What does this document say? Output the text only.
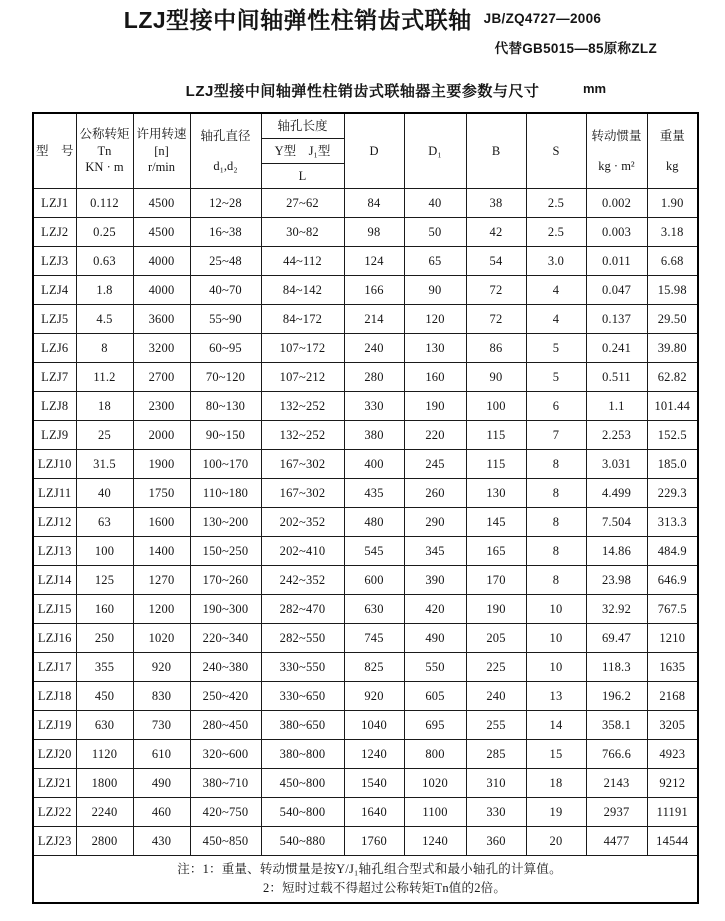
LZJ型接中间轴弹性柱销齿式联轴 JB/ZQ4727—2006
代替GB5015—85原称ZLZ
LZJ型接中间轴弹性柱销齿式联轴器主要参数与尺寸	mm
型　号	公称转矩
Tn
KN · m	许用转速
[n]
r/min	轴孔直径
d₁,d₂	轴孔长度	D	D₁	B	S	转动惯量
kg · m²	重量
kg

				Y型　J₁型						
				L						
LZJ1	0.112	4500	12~28	27~62	84	40	38	2.5	0.002	1.90
LZJ2	0.25	4500	16~38	30~82	98	50	42	2.5	0.003	3.18
LZJ3	0.63	4000	25~48	44~112	124	65	54	3.0	0.011	6.68
LZJ4	1.8	4000	40~70	84~142	166	90	72	4	0.047	15.98
LZJ5	4.5	3600	55~90	84~172	214	120	72	4	0.137	29.50
LZJ6	8	3200	60~95	107~172	240	130	86	5	0.241	39.80
LZJ7	11.2	2700	70~120	107~212	280	160	90	5	0.511	62.82
LZJ8	18	2300	80~130	132~252	330	190	100	6	1.1	101.44
LZJ9	25	2000	90~150	132~252	380	220	115	7	2.253	152.5
LZJ10	31.5	1900	100~170	167~302	400	245	115	8	3.031	185.0
LZJ11	40	1750	110~180	167~302	435	260	130	8	4.499	229.3
LZJ12	63	1600	130~200	202~352	480	290	145	8	7.504	313.3
LZJ13	100	1400	150~250	202~410	545	345	165	8	14.86	484.9
LZJ14	125	1270	170~260	242~352	600	390	170	8	23.98	646.9
LZJ15	160	1200	190~300	282~470	630	420	190	10	32.92	767.5
LZJ16	250	1020	220~340	282~550	745	490	205	10	69.47	1210
LZJ17	355	920	240~380	330~550	825	550	225	10	118.3	1635
LZJ18	450	830	250~420	330~650	920	605	240	13	196.2	2168
LZJ19	630	730	280~450	380~650	1040	695	255	14	358.1	3205
LZJ20	1120	610	320~600	380~800	1240	800	285	15	766.6	4923
LZJ21	1800	490	380~710	450~800	1540	1020	310	18	2143	9212
LZJ22	2240	460	420~750	540~800	1640	1100	330	19	2937	11191
LZJ23	2800	430	450~850	540~880	1760	1240	360	20	4477	14544

注：1：重量、转动惯量是按Y/J₁轴孔组合型式和最小轴孔的计算值。
2：短时过载不得超过公称转矩Tn值的2倍。										
